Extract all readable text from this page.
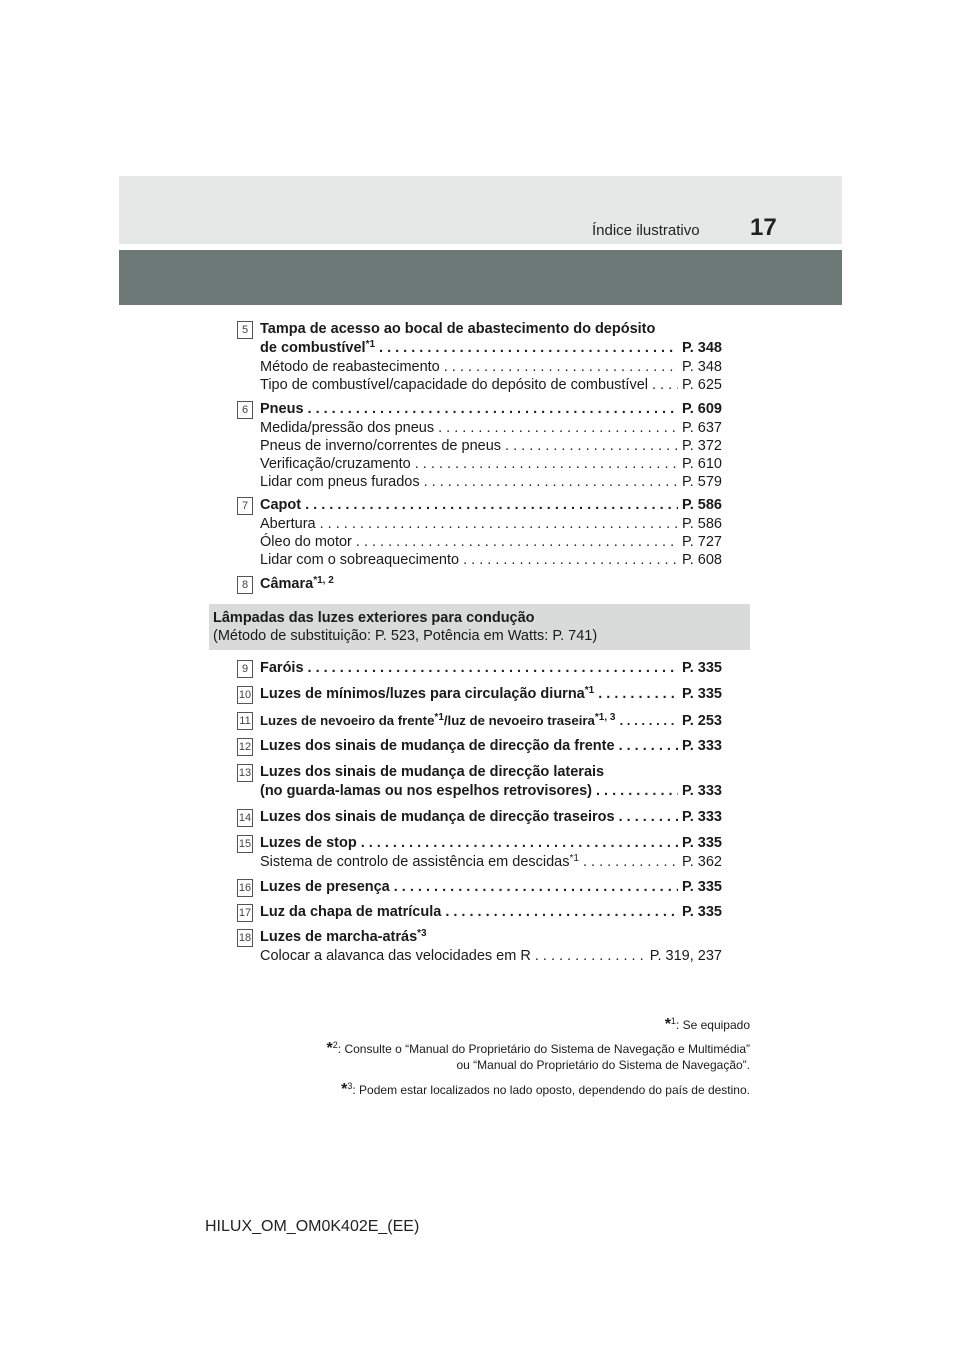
Índice ilustrativo 17
5 Tampa de acesso ao bocal de abastecimento do depósito
de combustível$^{*1}$ . . .	P. 348
Método de reabastecimento . . .	P. 348
Tipo de combustível/capacidade do depósito de combustível . . . P. 625
6 Pneus . . .	P. 609
Medida/pressão dos pneus . . .	P. 637
Pneus de inverno/correntes de pneus . . .	P. 372
Verificação/cruzamento . . .	P. 610
Lidar com pneus furados . . .	P. 579
7 Capot . . .	P. 586
Abertura . . .	P. 586
Óleo do motor . . .	P. 727
Lidar com o sobreaquecimento . . .	P. 608
8 Câmara$^{*1, 2}$
Lâmpadas das luzes exteriores para condução
(Método de substituição: P. 523, Potência em Watts: P. 741)
9 Faróis . . .	P. 335
10 Luzes de mínimos/luzes para circulação diurna$^{*1}$ . . .	P. 335
11 Luzes de nevoeiro da frente$^{*1}$/luz de nevoeiro traseira$^{*1, 3}$ . . .	P. 253
12 Luzes dos sinais de mudança de direcção da frente . . .	P. 333
13 Luzes dos sinais de mudança de direcção laterais
(no guarda-lamas ou nos espelhos retrovisores) . . .	P. 333
14 Luzes dos sinais de mudança de direcção traseiros . . .	P. 333
15 Luzes de stop . . .	P. 335
Sistema de controlo de assistência em descidas$^{*1}$ . . .	P. 362
16 Luzes de presença . . .	P. 335
17 Luz da chapa de matrícula . . .	P. 335
18 Luzes de marcha-atrás$^{*3}$
Colocar a alavanca das velocidades em R . . .	P. 319, 237
*$^1$: Se equipado
*$^2$: Consulte o “Manual do Proprietário do Sistema de Navegação e Multimédia”
ou “Manual do Proprietário do Sistema de Navegação”.
*$^3$: Podem estar localizados no lado oposto, dependendo do país de destino.
HILUX_OM_OM0K402E_(EE)
